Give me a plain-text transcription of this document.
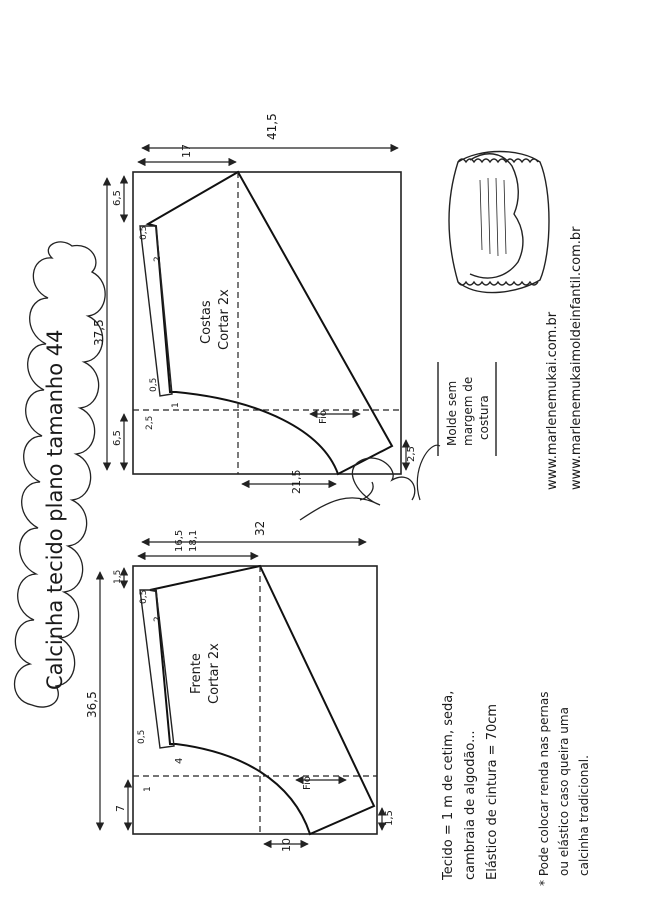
Calcinha tecido plano tamanho 44
Costas Cortar 2x
41,5
17
37,5
6,5
6,5
21,5
2,5
2,5
0,5
0,5
2
1
Fio
Frente Cortar 2x
32
16,5 18,1
36,5
1,5
7
10
1,5
0,5
0,5
2
4
1	Fio
Molde sem margem de costura	www.marlenemukai.com.br www.marlenemukaimoldeinfantil.com.br
Tecido = 1 m de cetim, seda, cambraia de algodão... Elástico de cintura = 70cm	* Pode colocar renda nas pernas ou elástico caso queira uma calcinha tradicional.
